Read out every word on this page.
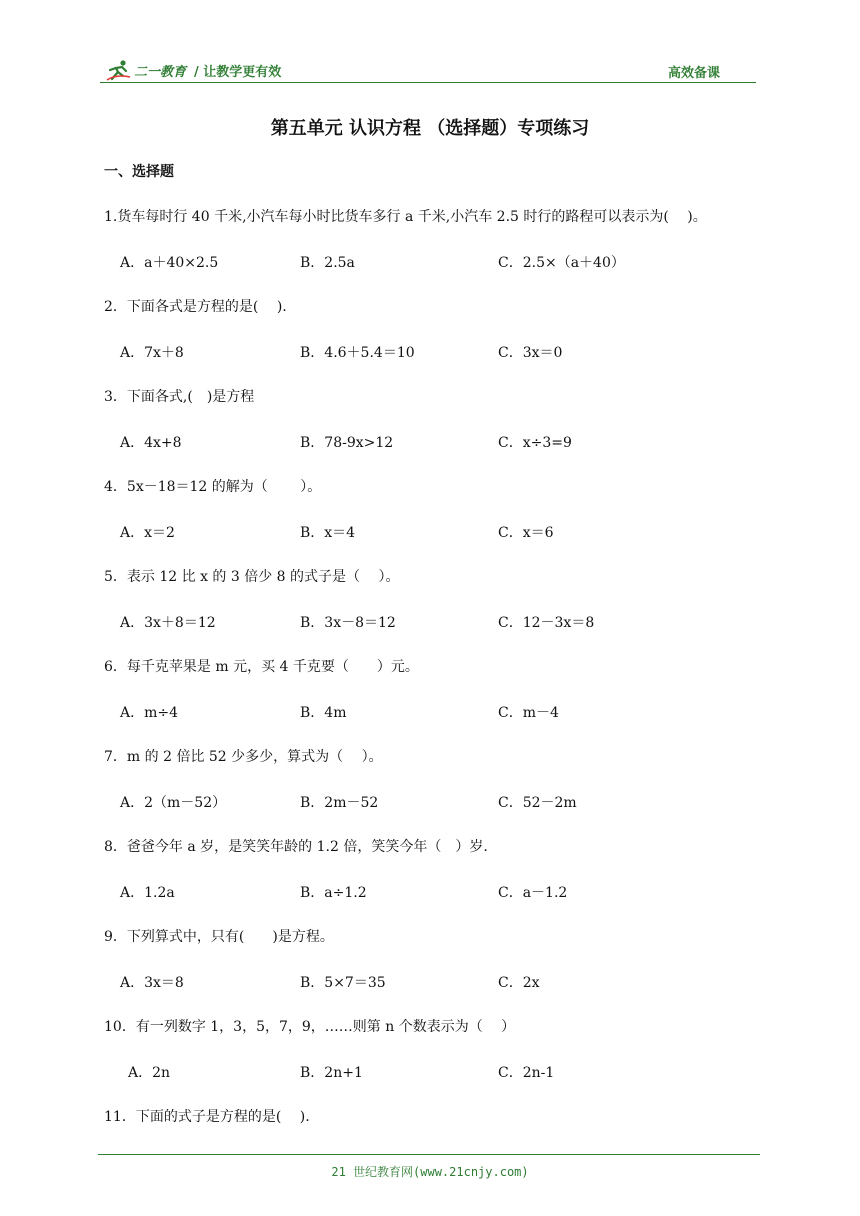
二一教育 / 让教学更有效	高效备课
第五单元 认识方程 （选择题）专项练习
一、选择题
1.货车每时行 40 千米,小汽车每小时比货车多行 a 千米,小汽车 2.5 时行的路程可以表示为(　 )。
A．a＋40×2.5	B．2.5a	C．2.5×（a＋40）
2．下面各式是方程的是(　 ).
A．7x＋8	B．4.6＋5.4＝10	C．3x＝0
3．下面各式,(　)是方程
A．4x+8	B．78-9x>12	C．x÷3=9
4．5x－18＝12 的解为（　　 ）。
A．x＝2	B．x＝4	C．x＝6
5．表示 12 比 x 的 3 倍少 8 的式子是（　 ）。
A．3x＋8＝12	B．3x－8＝12	C．12－3x＝8
6．每千克苹果是 m 元，买 4 千克要（　　）元。
A．m÷4	B．4m	C．m－4
7．m 的 2 倍比 52 少多少，算式为（　 ）。
A．2（m－52）	B．2m－52	C．52－2m
8．爸爸今年 a 岁，是笑笑年龄的 1.2 倍，笑笑今年（　）岁.
A．1.2a	B．a÷1.2	C．a－1.2
9．下列算式中，只有(　　)是方程。
A．3x＝8	B．5×7＝35	C．2x
10．有一列数字 1，3，5，7，9，……则第 n 个数表示为（　 ）
A．2n	B．2n+1	C．2n-1
11．下面的式子是方程的是(　 ).
21 世纪教育网(www.21cnjy.com)
